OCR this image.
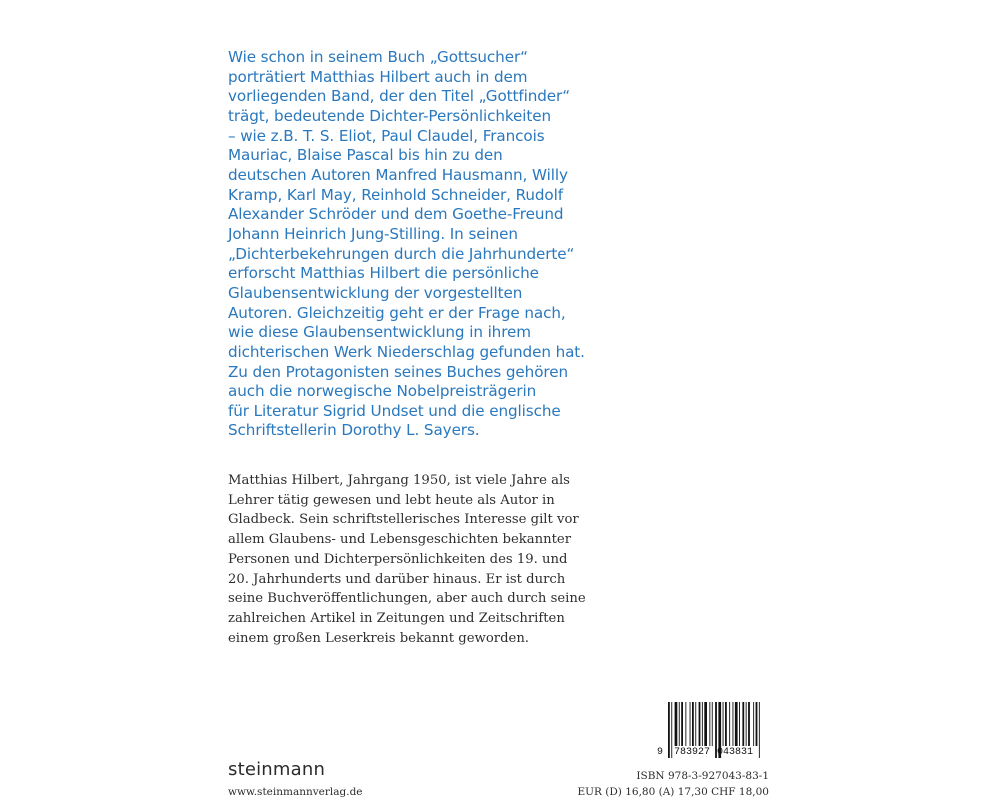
Wie schon in seinem Buch „Gottsucher“
porträtiert Matthias Hilbert auch in dem
vorliegenden Band, der den Titel „Gottfinder“
trägt, bedeutende Dichter-Persönlichkeiten
– wie z.B. T. S. Eliot, Paul Claudel, Francois
Mauriac, Blaise Pascal bis hin zu den
deutschen Autoren Manfred Hausmann, Willy
Kramp, Karl May, Reinhold Schneider, Rudolf
Alexander Schröder und dem Goethe-Freund
Johann Heinrich Jung-Stilling. In seinen
„Dichterbekehrungen durch die Jahrhunderte“
erforscht Matthias Hilbert die persönliche
Glaubensentwicklung der vorgestellten
Autoren. Gleichzeitig geht er der Frage nach,
wie diese Glaubensentwicklung in ihrem
dichterischen Werk Niederschlag gefunden hat.
Zu den Protagonisten seines Buches gehören
auch die norwegische Nobelpreisträgerin
für Literatur Sigrid Undset und die englische
Schriftstellerin Dorothy L. Sayers.
Matthias Hilbert, Jahrgang 1950, ist viele Jahre als
Lehrer tätig gewesen und lebt heute als Autor in
Gladbeck. Sein schriftstellerisches Interesse gilt vor
allem Glaubens- und Lebensgeschichten bekannter
Personen und Dichterpersönlichkeiten des 19. und
20. Jahrhunderts und darüber hinaus. Er ist durch
seine Buchveröffentlichungen, aber auch durch seine
zahlreichen Artikel in Zeitungen und Zeitschriften
einem großen Leserkreis bekannt geworden.
steinmann
www.steinmannverlag.de
9 783927 043831
ISBN 978-3-927043-83-1
EUR (D) 16,80 (A) 17,30 CHF 18,00
